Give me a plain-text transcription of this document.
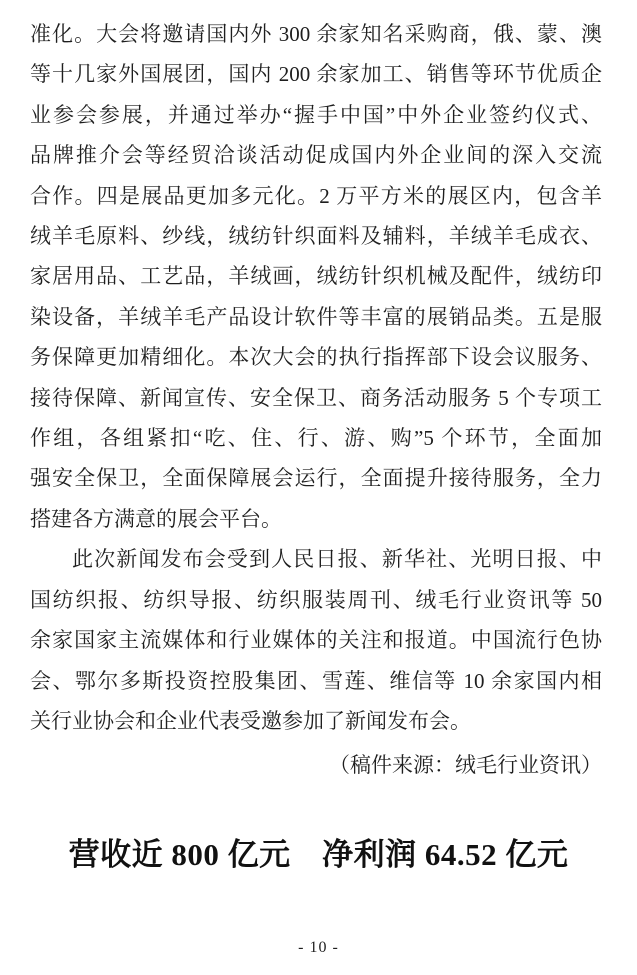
准化。大会将邀请国内外 300 余家知名采购商，俄、蒙、澳
等十几家外国展团，国内 200 余家加工、销售等环节优质企
业参会参展，并通过举办“握手中国”中外企业签约仪式、
品牌推介会等经贸洽谈活动促成国内外企业间的深入交流
合作。四是展品更加多元化。2 万平方米的展区内，包含羊
绒羊毛原料、纱线，绒纺针织面料及辅料，羊绒羊毛成衣、
家居用品、工艺品，羊绒画，绒纺针织机械及配件，绒纺印
染设备，羊绒羊毛产品设计软件等丰富的展销品类。五是服
务保障更加精细化。本次大会的执行指挥部下设会议服务、
接待保障、新闻宣传、安全保卫、商务活动服务 5 个专项工
作组，各组紧扣“吃、住、行、游、购”5 个环节，全面加
强安全保卫，全面保障展会运行，全面提升接待服务，全力
搭建各方满意的展会平台。
此次新闻发布会受到人民日报、新华社、光明日报、中
国纺织报、纺织导报、纺织服装周刊、绒毛行业资讯等 50
余家国家主流媒体和行业媒体的关注和报道。中国流行色协
会、鄂尔多斯投资控股集团、雪莲、维信等 10 余家国内相
关行业协会和企业代表受邀参加了新闻发布会。
（稿件来源：绒毛行业资讯）
营收近 800 亿元　净利润 64.52 亿元
- 10 -
